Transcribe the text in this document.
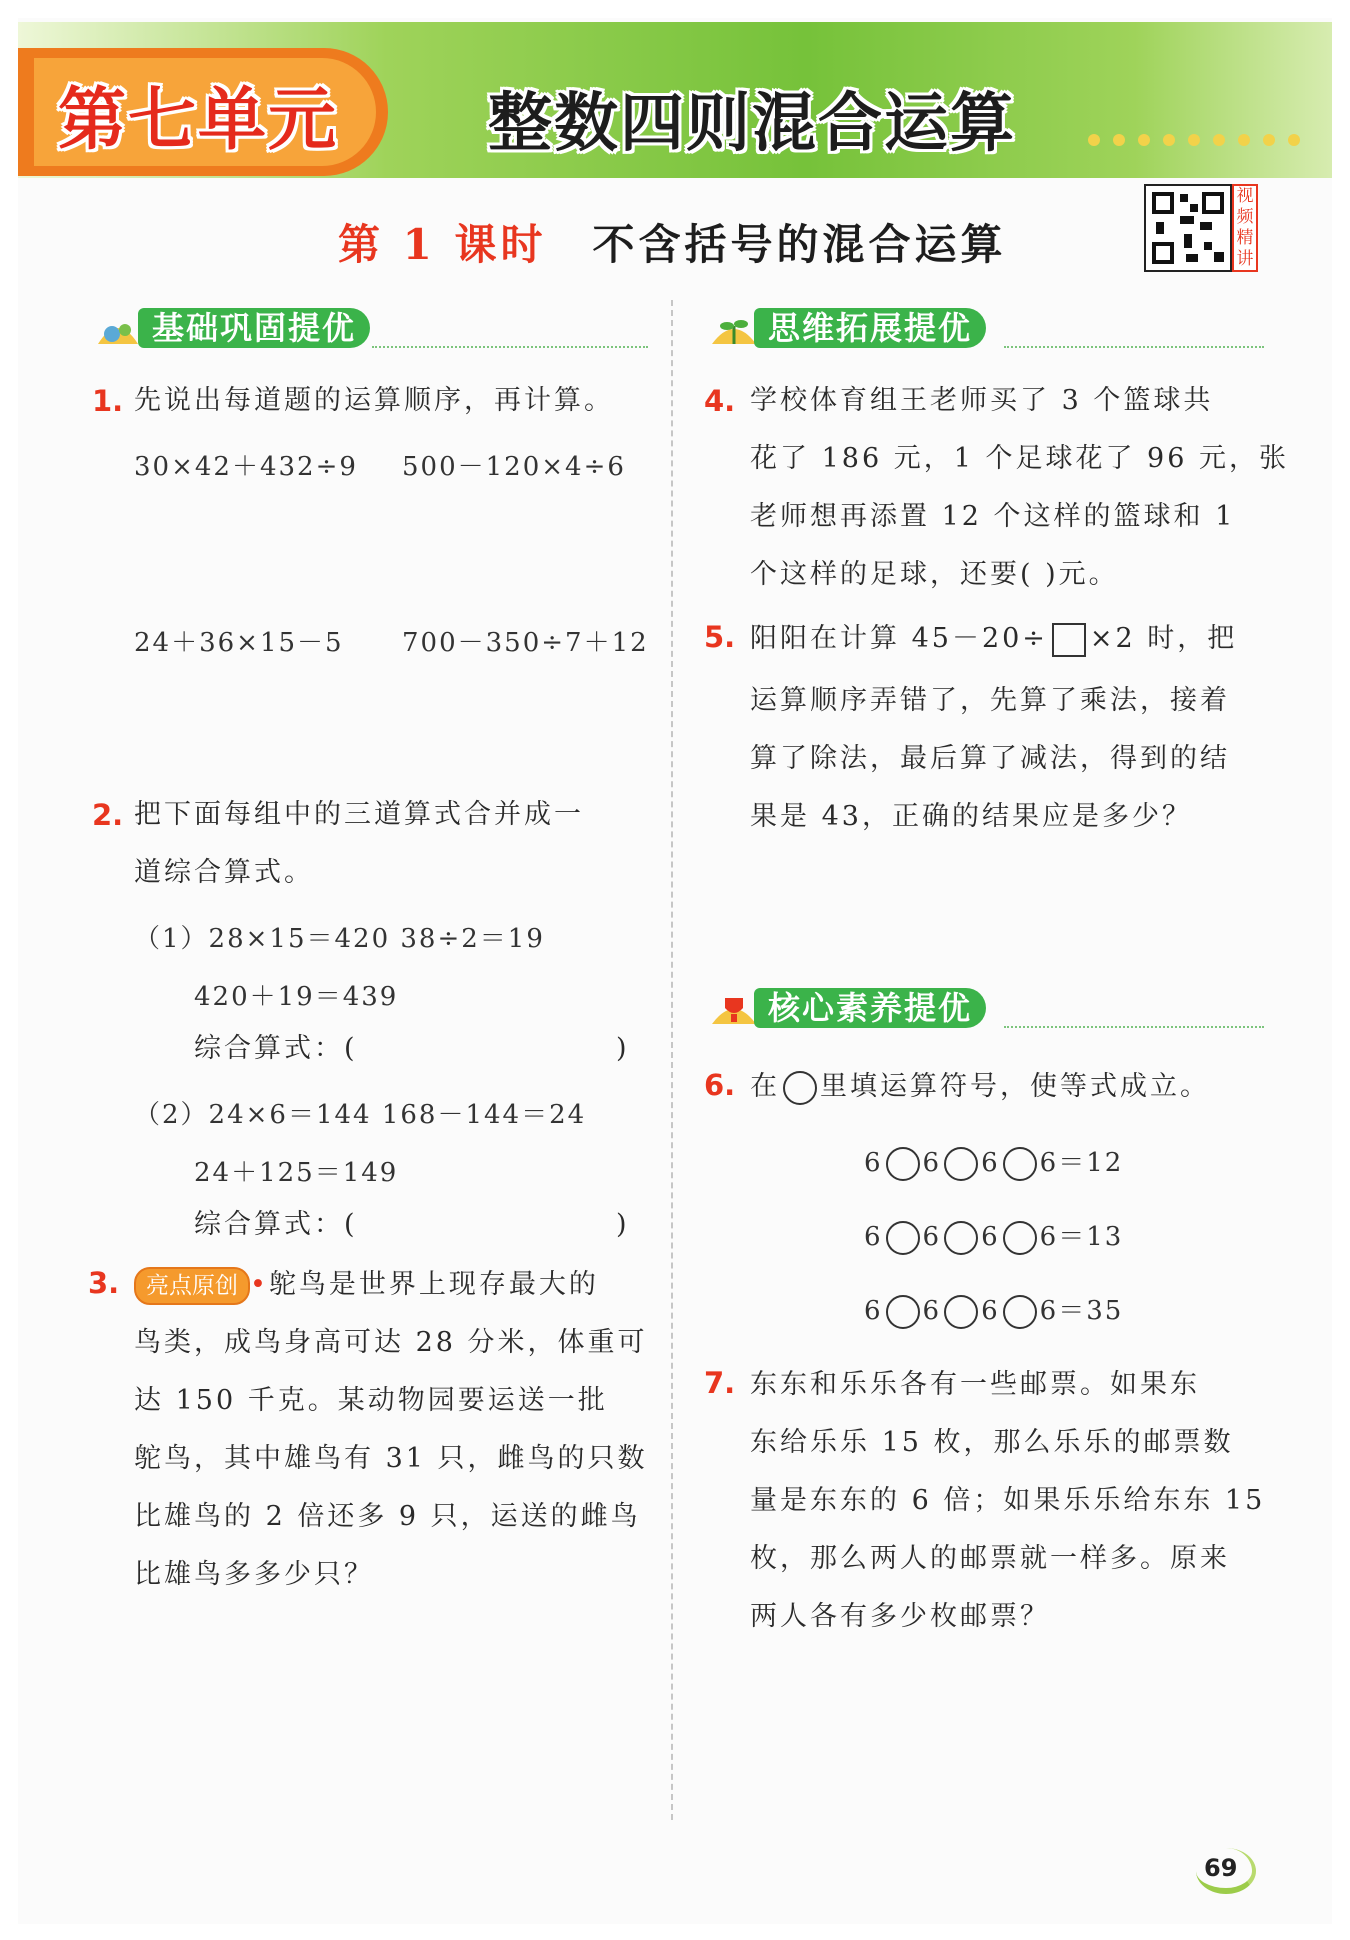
第七单元 整数四则混合运算
第 1 课时 不含括号的混合运算
视频精讲
基础巩固提优	思维拓展提优
核心素养提优
1. 先说出每道题的运算顺序，再计算。
30×42＋432÷9 500－120×4÷6
24＋36×15－5 700－350÷7＋12
2. 把下面每组中的三道算式合并成一
道综合算式。
（1）28×15＝420 38÷2＝19
420＋19＝439
综合算式：(	)
（2）24×6＝144 168－144＝24
24＋125＝149
综合算式：(	)
3.	亮点原创 •鸵鸟是世界上现存最大的
鸟类，成鸟身高可达 28 分米，体重可
达 150 千克。某动物园要运送一批
鸵鸟，其中雄鸟有 31 只，雌鸟的只数
比雄鸟的 2 倍还多 9 只，运送的雌鸟
比雄鸟多多少只？
4. 学校体育组王老师买了 3 个篮球共
花了 186 元，1 个足球花了 96 元，张
老师想再添置 12 个这样的篮球和 1
个这样的足球，还要( )元。
5. 阳阳在计算 45－20÷ ×2 时，把
运算顺序弄错了，先算了乘法，接着
算了除法，最后算了减法，得到的结
果是 43，正确的结果应是多少？
6. 在 里填运算符号，使等式成立。
6 6 6 6＝12
6 6 6 6＝13
6 6 6 6＝35
7. 东东和乐乐各有一些邮票。如果东
东给乐乐 15 枚，那么乐乐的邮票数
量是东东的 6 倍；如果乐乐给东东 15
枚，那么两人的邮票就一样多。原来
两人各有多少枚邮票？
69
